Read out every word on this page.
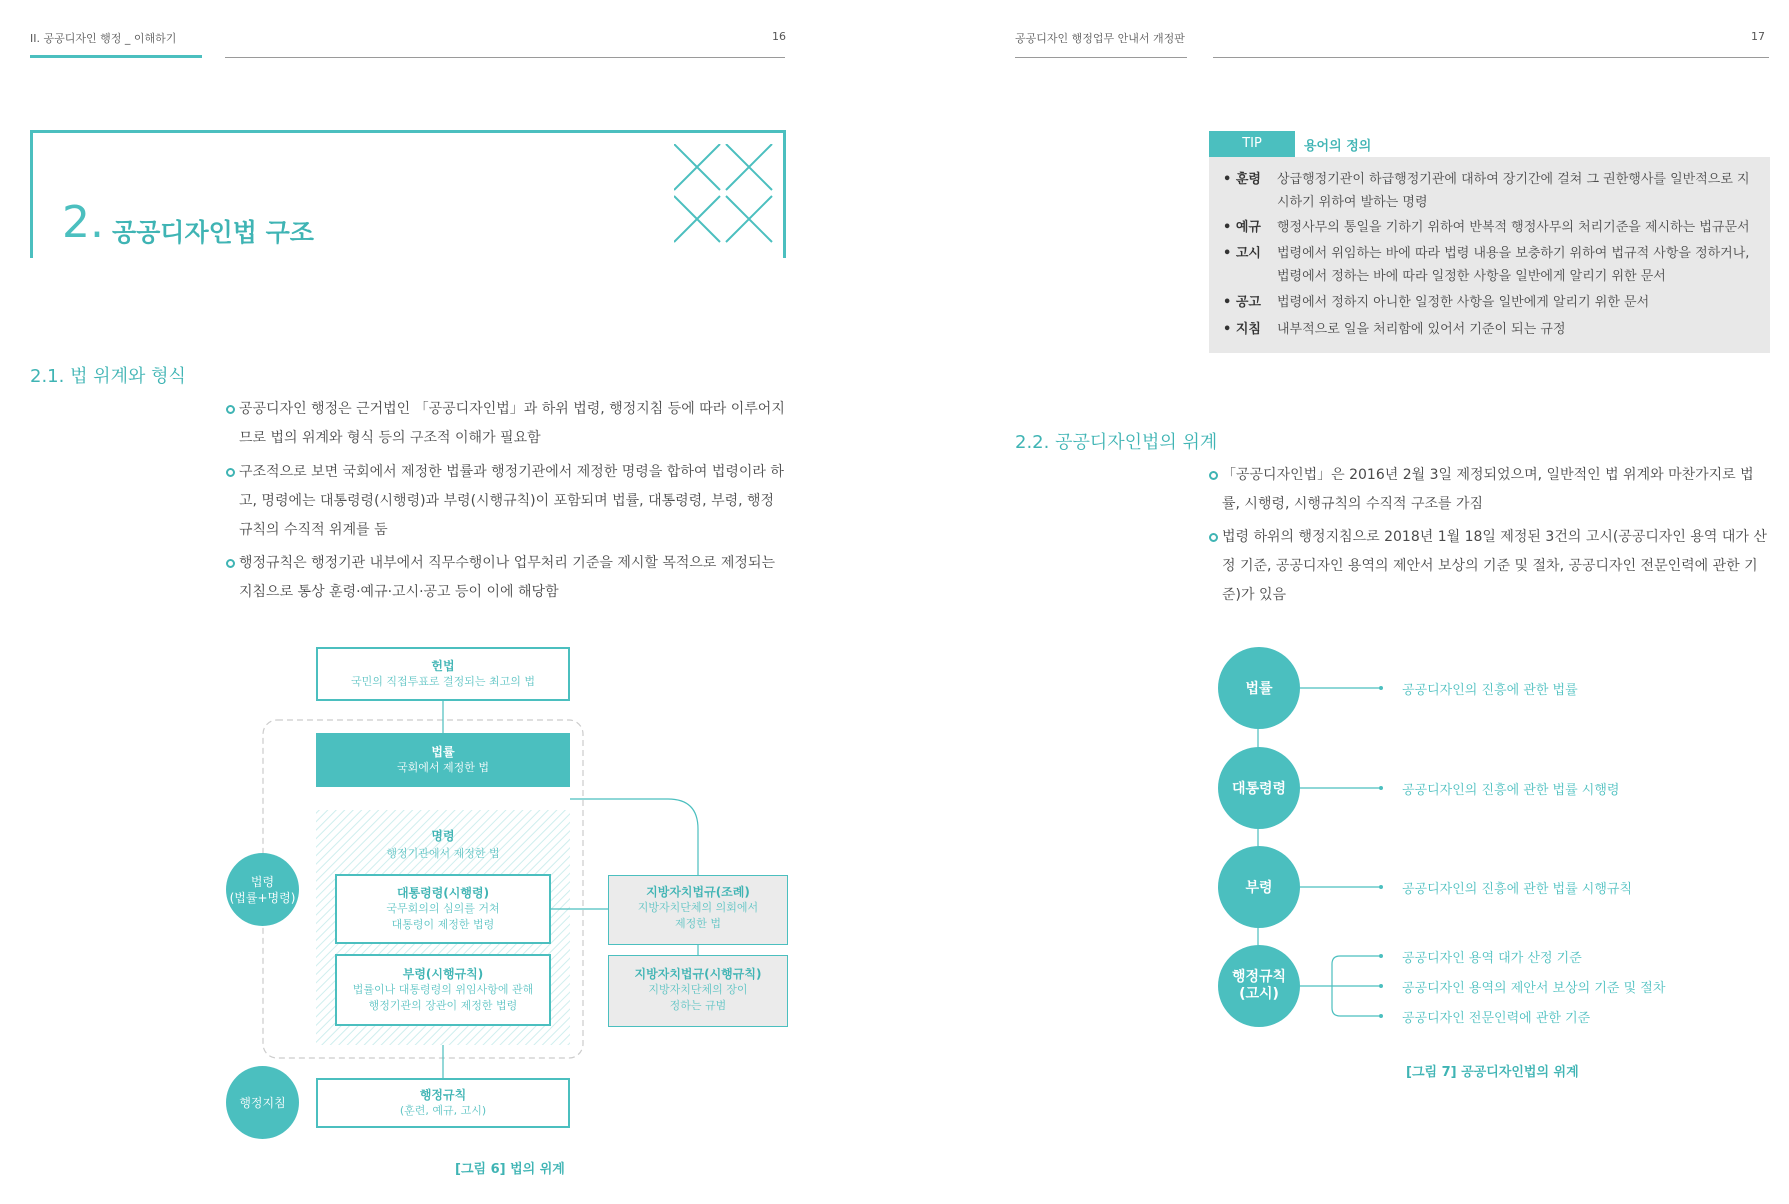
II. 공공디자인 행정 _ 이해하기	16
2. 공공디자인법 구조
2.1. 법 위계와 형식
공공디자인 행정은 근거법인 「공공디자인법」과 하위 법령, 행정지침 등에 따라 이루어지므로 법의 위계와 형식 등의 구조적 이해가 필요함
구조적으로 보면 국회에서 제정한 법률과 행정기관에서 제정한 명령을 합하여 법령이라 하고, 명령에는 대통령령(시행령)과 부령(시행규칙)이 포함되며 법률, 대통령령, 부령, 행정규칙의 수직적 위계를 둠
행정규칙은 행정기관 내부에서 직무수행이나 업무처리 기준을 제시할 목적으로 제정되는 지침으로 통상 훈령·예규·고시·공고 등이 이에 해당함
헌법
국민의 직접투표로 결정되는 최고의 법
법률
국회에서 제정한 법
명령
행정기관에서 제정한 법
대통령령(시행령)
국무회의의 심의를 거쳐
대통령이 제정한 법령
부령(시행규칙)
법률이나 대통령령의 위임사항에 관해
행정기관의 장관이 제정한 법령
지방자치법규(조례)
지방자치단체의 의회에서
제정한 법
지방자치법규(시행규칙)
지방자치단체의 장이
정하는 규범
행정규칙
(훈련, 예규, 고시)
법령
(법률+명령)
행정지침
[그림 6] 법의 위계
공공디자인 행정업무 안내서 개정판	17
TIP	용어의 정의
• 훈령 상급행정기관이 하급행정기관에 대하여 장기간에 걸쳐 그 권한행사를 일반적으로 지시하기 위하여 발하는 명령
• 예규 행정사무의 통일을 기하기 위하여 반복적 행정사무의 처리기준을 제시하는 법규문서
• 고시 법령에서 위임하는 바에 따라 법령 내용을 보충하기 위하여 법규적 사항을 정하거나, 법령에서 정하는 바에 따라 일정한 사항을 일반에게 알리기 위한 문서
• 공고 법령에서 정하지 아니한 일정한 사항을 일반에게 알리기 위한 문서
• 지침 내부적으로 일을 처리함에 있어서 기준이 되는 규정
2.2. 공공디자인법의 위계
「공공디자인법」은 2016년 2월 3일 제정되었으며, 일반적인 법 위계와 마찬가지로 법률, 시행령, 시행규칙의 수직적 구조를 가짐
법령 하위의 행정지침으로 2018년 1월 18일 제정된 3건의 고시(공공디자인 용역 대가 산정 기준, 공공디자인 용역의 제안서 보상의 기준 및 절차, 공공디자인 전문인력에 관한 기준)가 있음
법률
대통령령
부령
행정규칙
(고시)
공공디자인의 진흥에 관한 법률
공공디자인의 진흥에 관한 법률 시행령
공공디자인의 진흥에 관한 법률 시행규칙
공공디자인 용역 대가 산정 기준
공공디자인 용역의 제안서 보상의 기준 및 절차
공공디자인 전문인력에 관한 기준
[그림 7] 공공디자인법의 위계
